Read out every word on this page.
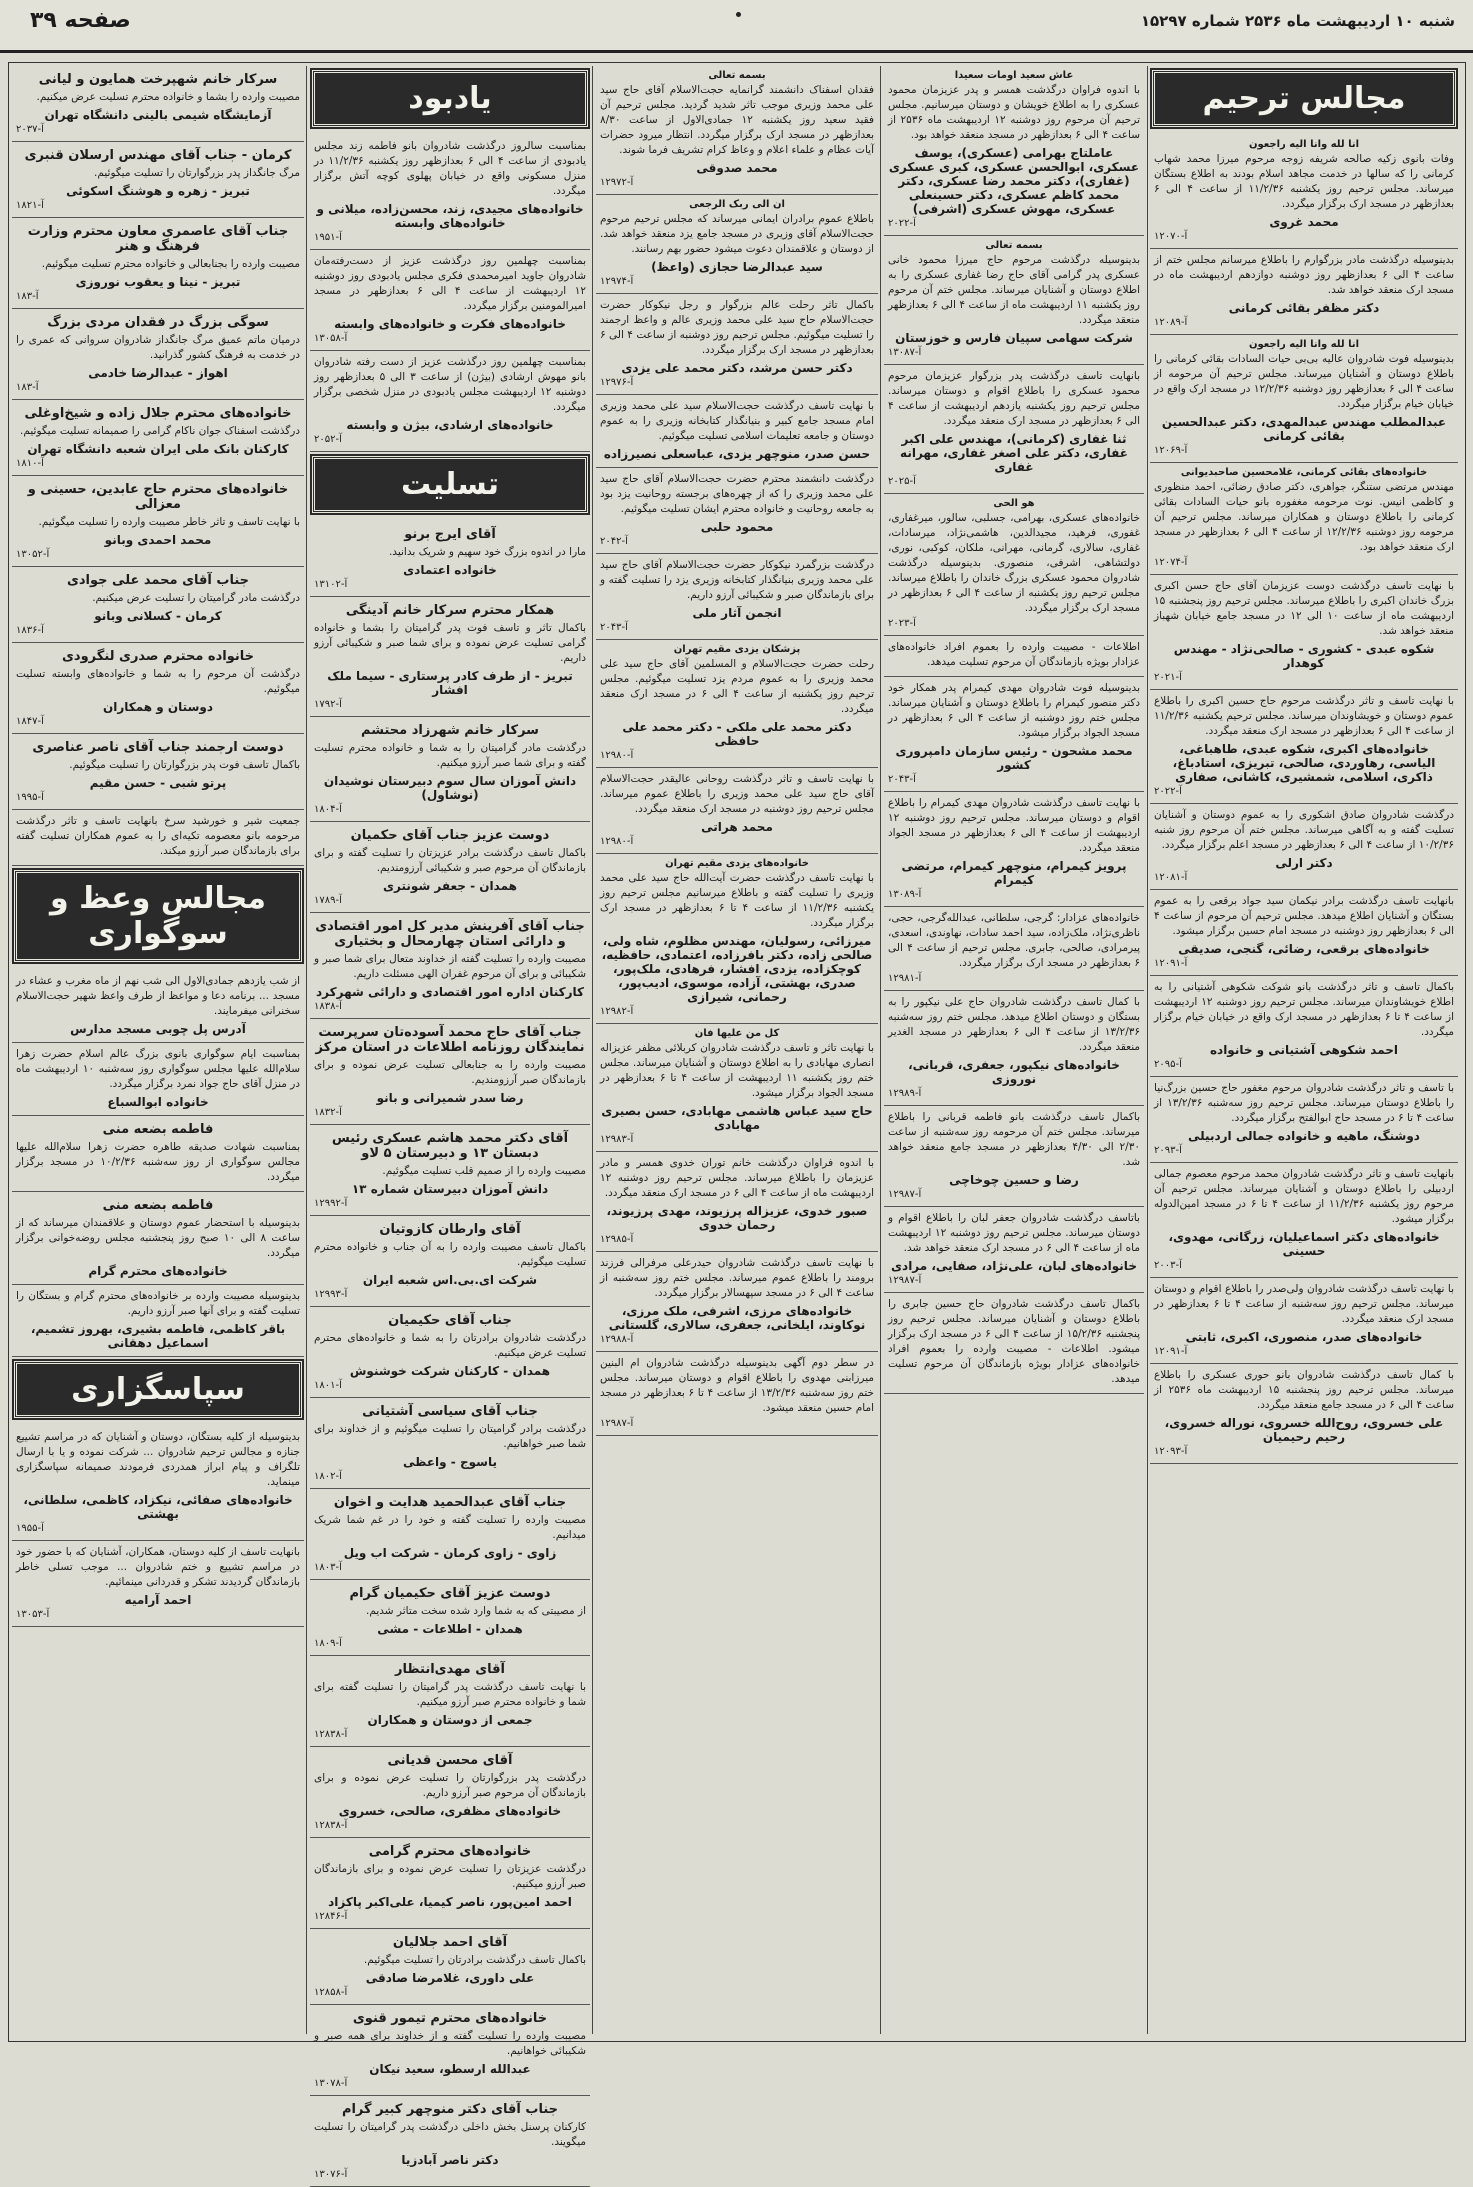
شنبه ۱۰ اردیبهشت ماه ۲۵۳۶ شماره ۱۵۲۹۷
صفحه ۳۹
مجالس ترحیم
انا لله وانا الیه راجعون
وفات بانوی زکیه صالحه شریفه زوجه مرحوم میرزا محمد شهاب کرمانی را که سالها در خدمت مجاهد اسلام بودند به اطلاع بستگان میرساند. مجلس ترحیم روز یکشنبه ۱۱/۲/۳۶ از ساعت ۴ الی ۶ بعدازظهر در مسجد ارک برگزار میگردد.
محمد غروی
آ-۱۲۰۷۰
بدینوسیله درگذشت مادر بزرگوارم را باطلاع میرسانم مجلس ختم از ساعت ۴ الی ۶ بعدازظهر روز دوشنبه دوازدهم اردیبهشت ماه در مسجد ارک منعقد خواهد شد.
دکتر مظفر بقائی کرمانی
آ-۱۲۰۸۹
انا لله وانا الیه راجعون
بدینوسیله فوت شادروان عالیه بی‌بی حیات السادات بقائی کرمانی را باطلاع دوستان و آشنایان میرساند. مجلس ترحیم آن مرحومه از ساعت ۴ الی ۶ بعدازظهر روز دوشنبه ۱۲/۲/۳۶ در مسجد ارک واقع در خیابان خیام برگزار میگردد.
عبدالمطلب مهندس عبدالمهدی، دکتر عبدالحسین بقائی کرمانی
آ-۱۲۰۶۹
خانواده‌های بقائی کرمانی، غلامحسین صاحبدیوانی
مهندس مرتضی ستنگر، جواهری، دکتر صادق رضائی، احمد منظوری و کاظمی انیس. نوت مرحومه مغفوره بانو حیات السادات بقائی کرمانی را باطلاع دوستان و همکاران میرساند. مجلس ترحیم آن مرحومه روز دوشنبه ۱۲/۲/۳۶ از ساعت ۴ الی ۶ بعدازظهر در مسجد ارک منعقد خواهد بود.
آ-۱۲۰۷۴
با نهایت تاسف درگذشت دوست عزیزمان آقای حاج حسن اکبری بزرگ خاندان اکبری را باطلاع میرساند. مجلس ترحیم روز پنجشنبه ۱۵ اردیبهشت ماه از ساعت ۱۰ الی ۱۲ در مسجد جامع خیابان شهباز منعقد خواهد شد.
شکوه عبدی - کشوری - صالحی‌نژاد - مهندس کوهدار
آ-۲۰۲۱
با نهایت تاسف و تاثر درگذشت مرحوم حاج حسین اکبری را باطلاع عموم دوستان و خویشاوندان میرساند. مجلس ترحیم یکشنبه ۱۱/۲/۳۶ از ساعت ۴ الی ۶ بعدازظهر در مسجد ارک منعقد میگردد.
خانواده‌های اکبری، شکوه عبدی، طاهباغی، الیاسی، رهاوردی، صالحی، تبریزی، استادباغ، ذاکری، اسلامی، شمشیری، کاشانی، صفاری
آ-۲۰۲۲
درگذشت شادروان صادق اشکوری را به عموم دوستان و آشنایان تسلیت گفته و به آگاهی میرساند. مجلس ختم آن مرحوم روز شنبه ۱۰/۲/۳۶ از ساعت ۴ الی ۶ بعدازظهر در مسجد اعلم برگزار میگردد.
دکتر ارلی
آ-۱۲۰۸۱
بانهایت تاسف درگذشت برادر نیکمان سید جواد برقعی را به عموم بستگان و آشنایان اطلاع میدهد. مجلس ترحیم آن مرحوم از ساعت ۴ الی ۶ بعدازظهر روز دوشنبه در مسجد امام حسین برگزار میشود.
خانواده‌های برقعی، رضائی، گنجی، صدیقی
آ-۱۲۰۹۱
باکمال تاسف و تاثر درگذشت بانو شوکت شکوهی آشتیانی را به اطلاع خویشاوندان میرساند. مجلس ترحیم روز دوشنبه ۱۲ اردیبهشت از ساعت ۴ تا ۶ بعدازظهر در مسجد ارک واقع در خیابان خیام برگزار میگردد.
احمد شکوهی آشتیانی و خانواده
آ-۲۰۹۵
با تاسف و تاثر درگذشت شادروان مرحوم مغفور حاج حسین بزرگ‌نیا را باطلاع دوستان میرساند. مجلس ترحیم روز سه‌شنبه ۱۳/۲/۳۶ از ساعت ۴ تا ۶ در مسجد حاج ابوالفتح برگزار میگردد.
دوشنگ، ماهیه و خانواده جمالی اردبیلی
آ-۲۰۹۳
بانهایت تاسف و تاثر درگذشت شادروان محمد مرحوم معصوم جمالی اردبیلی را باطلاع دوستان و آشنایان میرساند. مجلس ترحیم آن مرحوم روز یکشنبه ۱۱/۲/۳۶ از ساعت ۴ تا ۶ در مسجد امین‌الدوله برگزار میشود.
خانواده‌های دکتر اسماعیلیان، زرگانی، مهدوی، حسینی
آ-۲۰۰۳
با نهایت تاسف درگذشت شادروان ولی‌صدر را باطلاع اقوام و دوستان میرساند. مجلس ترحیم روز سه‌شنبه از ساعت ۴ تا ۶ بعدازظهر در مسجد ارک منعقد میگردد.
خانواده‌های صدر، منصوری، اکبری، ثابتی
آ-۱۲۰۹۱
با کمال تاسف درگذشت شادروان بانو حوری عسکری را باطلاع میرساند. مجلس ترحیم روز پنجشنبه ۱۵ اردیبهشت ماه ۲۵۳۶ از ساعت ۴ الی ۶ در مسجد جامع منعقد میگردد.
علی خسروی، روح‌الله خسروی، نوراله خسروی، رحیم رحیمیان
آ-۱۲۰۹۳
عاش سعید اومات سعیدا
با اندوه فراوان درگذشت همسر و پدر عزیزمان محمود عسکری را به اطلاع خویشان و دوستان میرسانیم. مجلس ترحیم آن مرحوم روز دوشنبه ۱۲ اردیبهشت ماه ۲۵۳۶ از ساعت ۴ الی ۶ بعدازظهر در مسجد منعقد خواهد بود.
عاملتاج بهرامی (عسکری)، یوسف عسکری، ابوالحسن عسکری، کبری عسکری (غفاری)، دکتر محمد رضا عسکری، دکتر محمد کاظم عسکری، دکتر حسینعلی عسکری، مهوش عسکری (اشرفی)
آ-۲۰۲۲
بسمه تعالی
بدینوسیله درگذشت مرحوم حاج میرزا محمود خانی عسکری پدر گرامی آقای حاج رضا غفاری عسکری را به اطلاع دوستان و آشنایان میرساند. مجلس ختم آن مرحوم روز یکشنبه ۱۱ اردیبهشت ماه از ساعت ۴ الی ۶ بعدازظهر منعقد میگردد.
شرکت سهامی سپیان فارس و خوزستان
آ-۱۳۰۸۷
بانهایت تاسف درگذشت پدر بزرگوار عزیزمان مرحوم محمود عسکری را باطلاع اقوام و دوستان میرساند. مجلس ترحیم روز یکشنبه یازدهم اردیبهشت از ساعت ۴ الی ۶ بعدازظهر در مسجد ارک منعقد میگردد.
ثنا غفاری (کرمانی)، مهندس علی اکبر غفاری، دکتر علی اصغر غفاری، مهرانه غفاری
آ-۲۰۲۵
هو الحی
خانواده‌های عسکری، بهرامی، جسلبی، سالور، میرغفاری، غفوری، فرهید، مجیدالدین، هاشمی‌نژاد، میرسادات، غفاری، سالاری، گرمانی، مهرانی، ملکان، کوکبی، نوری، دولتشاهی، اشرفی، منصوری. بدینوسیله درگذشت شادروان محمود عسکری بزرگ خاندان را باطلاع میرساند. مجلس ترحیم روز یکشنبه از ساعت ۴ الی ۶ بعدازظهر در مسجد ارک برگزار میگردد.
آ-۲۰۲۳
اطلاعات - مصیبت وارده را بعموم افراد خانواده‌های عزادار بویژه بازماندگان آن مرحوم تسلیت میدهد.
بدینوسیله فوت شادروان مهدی کیمرام پدر همکار خود دکتر منصور کیمرام را باطلاع دوستان و آشنایان میرساند. مجلس ختم روز دوشنبه از ساعت ۴ الی ۶ بعدازظهر در مسجد الجواد برگزار میشود.
محمد مشحون - رئیس سازمان دامپروری کشور
آ-۲۰۴۳
با نهایت تاسف درگذشت شادروان مهدی کیمرام را باطلاع اقوام و دوستان میرساند. مجلس ترحیم روز دوشنبه ۱۲ اردیبهشت از ساعت ۴ الی ۶ بعدازظهر در مسجد الجواد منعقد میگردد.
پرویز کیمرام، منوچهر کیمرام، مرتضی کیمرام
آ-۱۳۰۸۹
خانواده‌های عزادار: گرجی، سلطانی، عبدالله‌گرجی، حجی، ناظری‌نژاد، ملک‌زاده، سید احمد سادات، نهاوندی، اسعدی، پیرمرادی، صالحی، جابری. مجلس ترحیم از ساعت ۴ الی ۶ بعدازظهر در مسجد ارک برگزار میگردد.
آ-۱۲۹۸۱
با کمال تاسف درگذشت شادروان حاج علی نیکپور را به بستگان و دوستان اطلاع میدهد. مجلس ختم روز سه‌شنبه ۱۳/۲/۳۶ از ساعت ۴ الی ۶ بعدازظهر در مسجد الغدیر منعقد میگردد.
خانواده‌های نیکپور، جعفری، قربانی، نوروزی
آ-۱۲۹۸۹
باکمال تاسف درگذشت بانو فاطمه قربانی را باطلاع میرساند. مجلس ختم آن مرحومه روز سه‌شنبه از ساعت ۲/۳۰ الی ۴/۳۰ بعدازظهر در مسجد جامع منعقد خواهد شد.
رضا و حسین چوخاچی
آ-۱۲۹۸۷
باتاسف درگذشت شادروان جعفر لبان را باطلاع اقوام و دوستان میرساند. مجلس ترحیم روز دوشنبه ۱۲ اردیبهشت ماه از ساعت ۴ الی ۶ در مسجد ارک منعقد خواهد شد.
خانواده‌های لبان، علی‌نژاد، صفایی، مرادی
آ-۱۲۹۸۷
باکمال تاسف درگذشت شادروان حاج حسین جابری را باطلاع دوستان و آشنایان میرساند. مجلس ترحیم روز پنجشنبه ۱۵/۲/۳۶ از ساعت ۴ الی ۶ در مسجد ارک برگزار میشود. اطلاعات - مصیبت وارده را بعموم افراد خانواده‌های عزادار بویژه بازماندگان آن مرحوم تسلیت میدهد.
بسمه تعالی
فقدان اسفناک دانشمند گرانمایه حجت‌الاسلام آقای حاج سید علی محمد وزیری موجب تاثر شدید گردید. مجلس ترحیم آن فقید سعید روز یکشنبه ۱۲ جمادی‌الاول از ساعت ۸/۳۰ بعدازظهر در مسجد ارک برگزار میگردد. انتظار میرود حضرات آیات عظام و علماء اعلام و وعاظ کرام تشریف فرما شوند.
محمد صدوقی
آ-۱۲۹۷۲
ان الی ربک الرجعی
باطلاع عموم برادران ایمانی میرساند که مجلس ترحیم مرحوم حجت‌الاسلام آقای وزیری در مسجد جامع یزد منعقد خواهد شد. از دوستان و علاقمندان دعوت میشود حضور بهم رسانند.
سید عبدالرضا حجازی (واعظ)
آ-۱۲۹۷۴
باکمال تاثر رحلت عالم بزرگوار و رجل نیکوکار حضرت حجت‌الاسلام حاج سید علی محمد وزیری عالم و واعظ ارجمند را تسلیت میگوئیم. مجلس ترحیم روز دوشنبه از ساعت ۴ الی ۶ بعدازظهر در مسجد ارک برگزار میگردد.
دکتر حسن مرشد، دکتر محمد علی یزدی
آ-۱۲۹۷۶
با نهایت تاسف درگذشت حجت‌الاسلام سید علی محمد وزیری امام مسجد جامع کبیر و بنیانگذار کتابخانه وزیری را به عموم دوستان و جامعه تعلیمات اسلامی تسلیت میگوئیم.
حسن صدر، منوچهر یزدی، عباسعلی نصیرزاده
درگذشت دانشمند محترم حضرت حجت‌الاسلام آقای حاج سید علی محمد وزیری را که از چهره‌های برجسته روحانیت یزد بود به جامعه روحانیت و خانواده محترم ایشان تسلیت میگوئیم.
محمود حلبی
آ-۲۰۴۲
درگذشت بزرگمرد نیکوکار حضرت حجت‌الاسلام آقای حاج سید علی محمد وزیری بنیانگذار کتابخانه وزیری یزد را تسلیت گفته و برای بازماندگان صبر و شکیبائی آرزو داریم.
انجمن آثار ملی
آ-۲۰۴۳
پزشکان یزدی مقیم تهران
رحلت حضرت حجت‌الاسلام و المسلمین آقای حاج سید علی محمد وزیری را به عموم مردم یزد تسلیت میگوئیم. مجلس ترحیم روز یکشنبه از ساعت ۴ الی ۶ در مسجد ارک منعقد میگردد.
دکتر محمد علی ملکی - دکتر محمد علی حافظی
آ-۱۲۹۸۰
با نهایت تاسف و تاثر درگذشت روحانی عالیقدر حجت‌الاسلام آقای حاج سید علی محمد وزیری را باطلاع عموم میرساند. مجلس ترحیم روز دوشنبه در مسجد ارک منعقد میگردد.
محمد هراتی
آ-۱۲۹۸۰
خانواده‌های یزدی مقیم تهران
با نهایت تاسف درگذشت حضرت آیت‌الله حاج سید علی محمد وزیری را تسلیت گفته و باطلاع میرسانیم مجلس ترحیم روز یکشنبه ۱۱/۲/۳۶ از ساعت ۴ تا ۶ بعدازظهر در مسجد ارک برگزار میگردد.
میرزائی، رسولیان، مهندس مظلوم، شاه ولی، صالحی زاده، دکتر بافرزاده، اعتمادی، حافظیه، کوچکزاده، یزدی، افشار، فرهادی، ملک‌پور، صدری، بهشتی، آزاده، موسوی، ادیب‌پور، رحمانی، شیرازی
آ-۱۲۹۸۲
کل من علیها فان
با نهایت تاثر و تاسف درگذشت شادروان کربلائی مظفر عزیزاله انصاری مهابادی را به اطلاع دوستان و آشنایان میرساند. مجلس ختم روز یکشنبه ۱۱ اردیبهشت از ساعت ۴ تا ۶ بعدازظهر در مسجد الجواد برگزار میشود.
حاج سید عباس هاشمی مهابادی، حسن بصیری مهابادی
آ-۱۲۹۸۳
با اندوه فراوان درگذشت خانم توران خدوی همسر و مادر عزیزمان را باطلاع میرساند. مجلس ترحیم روز دوشنبه ۱۲ اردیبهشت ماه از ساعت ۴ الی ۶ در مسجد ارک منعقد میگردد.
صبور خدوی، عزیزاله پرزیوند، مهدی پرزیوند، رحمان خدوی
آ-۱۲۹۸۵
با نهایت تاسف درگذشت شادروان حیدرعلی مرفرالی فرزند برومند را باطلاع عموم میرساند. مجلس ختم روز سه‌شنبه از ساعت ۴ الی ۶ در مسجد سپهسالار برگزار میگردد.
خانواده‌های مرزی، اشرفی، ملک مرزی، نوکاوند، ایلخانی، جعفری، سالاری، گلستانی
آ-۱۲۹۸۸
در سطر دوم آگهی بدینوسیله درگذشت شادروان ام البنین میرزابنی مهدوی را باطلاع اقوام و دوستان میرساند. مجلس ختم روز سه‌شنبه ۱۳/۲/۳۶ از ساعت ۴ تا ۶ بعدازظهر در مسجد امام حسین منعقد میشود.
آ-۱۲۹۸۷
یادبود
بمناسبت سالروز درگذشت شادروان بانو فاطمه زند مجلس یادبودی از ساعت ۴ الی ۶ بعدازظهر روز یکشنبه ۱۱/۲/۳۶ در منزل مسکونی واقع در خیابان پهلوی کوچه آتش برگزار میگردد.
خانواده‌های مجیدی، زند، محسن‌زاده، میلانی و خانواده‌های وابسته
آ-۱۹۵۱
بمناسبت چهلمین روز درگذشت عزیز از دست‌رفته‌مان شادروان جاوید امیرمحمدی فکری مجلس یادبودی روز دوشنبه ۱۲ اردیبهشت از ساعت ۴ الی ۶ بعدازظهر در مسجد امیرالمومنین برگزار میگردد.
خانواده‌های فکرت و خانواده‌های وابسته
آ-۱۳۰۵۸
بمناسبت چهلمین روز درگذشت عزیز از دست رفته شادروان بانو مهوش ارشادی (بیژن) از ساعت ۳ الی ۵ بعدازظهر روز دوشنبه ۱۲ اردیبهشت مجلس یادبودی در منزل شخصی برگزار میگردد.
خانواده‌های ارشادی، بیژن و وابسته
آ-۲۰۵۲
تسلیت
آقای ایرج برنو
مارا در اندوه بزرگ خود سهیم و شریک بدانید.
خانواده اعتمادی
آ-۱۳۱۰۲
همکار محترم سرکار خانم آدینگی
باکمال تاثر و تاسف فوت پدر گرامیتان را بشما و خانواده گرامی تسلیت عرض نموده و برای شما صبر و شکیبائی آرزو داریم.
تبریز - از طرف کادر پرستاری - سیما ملک افشار
آ-۱۷۹۲
سرکار خانم شهرزاد محتشم
درگذشت مادر گرامیتان را به شما و خانواده محترم تسلیت گفته و برای شما صبر آرزو میکنیم.
دانش آموزان سال سوم دبیرستان نوشیدان (نوشاول)
آ-۱۸۰۴
دوست عزیز جناب آقای حکمیان
باکمال تاسف درگذشت برادر عزیزتان را تسلیت گفته و برای بازماندگان آن مرحوم صبر و شکیبائی آرزومندیم.
همدان - جعفر شونتری
آ-۱۷۸۹
جناب آقای آفرینش مدیر کل امور اقتصادی و دارائی استان چهارمحال و بختیاری
مصیبت وارده را تسلیت گفته از خداوند متعال برای شما صبر و شکیبائی و برای آن مرحوم غفران الهی مسئلت داریم.
کارکنان اداره امور اقتصادی و دارائی شهرکرد
آ-۱۸۳۸
جناب آقای حاج محمد آسوده‌تان سرپرست نمایندگان روزنامه اطلاعات در استان مرکز
مصیبت وارده را به جنابعالی تسلیت عرض نموده و برای بازماندگان صبر آرزومندیم.
رضا سدر شمیرانی و بانو
آ-۱۸۳۲
آقای دکتر محمد هاشم عسکری رئیس دبستان ۱۳ و دبیرستان ۵ لاو
مصیبت وارده را از صمیم قلب تسلیت میگوئیم.
دانش آموزان دبیرستان شماره ۱۳
آ-۱۲۹۹۲
آقای وارطان کازوتیان
باکمال تاسف مصیبت وارده را به آن جناب و خانواده محترم تسلیت میگوئیم.
شرکت ای.بی.اس شعبه ایران
آ-۱۲۹۹۳
جناب آقای حکیمیان
درگذشت شادروان برادرتان را به شما و خانواده‌های محترم تسلیت عرض میکنیم.
همدان - کارکنان شرکت خوشنوش
آ-۱۸۰۱
جناب آقای سیاسی آشتیانی
درگذشت برادر گرامیتان را تسلیت میگوئیم و از خداوند برای شما صبر خواهانیم.
یاسوج - واعظی
آ-۱۸۰۲
جناب آقای عبدالحمید هدایت و اخوان
مصیبت وارده را تسلیت گفته و خود را در غم شما شریک میدانیم.
زاوی - زاوی کرمان - شرکت اب ویل
آ-۱۸۰۳
دوست عزیز آقای حکیمیان گرام
از مصیبتی که به شما وارد شده سخت متاثر شدیم.
همدان - اطلاعات - مشی
آ-۱۸۰۹
آقای مهدی‌انتظار
با نهایت تاسف درگذشت پدر گرامیتان را تسلیت گفته برای شما و خانواده محترم صبر آرزو میکنیم.
جمعی از دوستان و همکاران
آ-۱۲۸۳۸
آقای محسن قدیانی
درگذشت پدر بزرگوارتان را تسلیت عرض نموده و برای بازماندگان آن مرحوم صبر آرزو داریم.
خانواده‌های مظفری، صالحی، خسروی
آ-۱۲۸۳۸
خانواده‌های محترم گرامی
درگذشت عزیزتان را تسلیت عرض نموده و برای بازماندگان صبر آرزو میکنیم.
احمد امین‌پور، ناصر کیمیا، علی‌اکبر پاکزاد
آ-۱۲۸۴۶
آقای احمد جلالیان
باکمال تاسف درگذشت برادرتان را تسلیت میگوئیم.
علی داوری، غلامرضا صادقی
آ-۱۲۸۵۸
خانواده‌های محترم تیمور قنوی
مصیبت وارده را تسلیت گفته و از خداوند برای همه صبر و شکیبائی خواهانیم.
عبدالله ارسطو، سعید نیکان
آ-۱۳۰۷۸
جناب آقای دکتر منوچهر کبیر گرام
کارکنان پرسنل بخش داخلی درگذشت پدر گرامیتان را تسلیت میگویند.
دکتر ناصر آبادزیا
آ-۱۳۰۷۶
سرکار خانم شهپرخت همایون و لیانی
مصیبت وارده را بشما و خانواده محترم تسلیت عرض میکنیم.
آزمایشگاه شیمی بالینی دانشگاه تهران
آ-۲۰۳۷
کرمان - جناب آقای مهندس ارسلان قنبری
مرگ جانگداز پدر بزرگوارتان را تسلیت میگوئیم.
تبریز - زهره و هوشنگ اسکوئی
آ-۱۸۲۱
جناب آقای عاصمری معاون محترم وزارت فرهنگ و هنر
مصیبت وارده را بجنابعالی و خانواده محترم تسلیت میگوئیم.
تبریز - نینا و یعقوب نوروزی
آ-۱۸۳
سوگی بزرگ در فقدان مردی بزرگ
درمیان ماتم عمیق مرگ جانگداز شادروان سروانی که عمری را در خدمت به فرهنگ کشور گذرانید.
اهواز - عبدالرضا خادمی
آ-۱۸۳
خانواده‌های محترم جلال زاده و شیخ‌اوغلی
درگذشت اسفناک جوان ناکام گرامی را صمیمانه تسلیت میگوئیم.
کارکنان بانک ملی ایران شعبه دانشگاه تهران
آ-۱۸۱۰
خانواده‌های محترم حاج عابدین، حسینی و معزالی
با نهایت تاسف و تاثر خاطر مصیبت وارده را تسلیت میگوئیم.
محمد احمدی وبانو
آ-۱۳۰۵۲
جناب آقای محمد علی جوادی
درگذشت مادر گرامیتان را تسلیت عرض میکنیم.
کرمان - کسلانی وبانو
آ-۱۸۳۶
خانواده محترم صدری لنگرودی
درگذشت آن مرحوم را به شما و خانواده‌های وابسته تسلیت میگوئیم.
دوستان و همکاران
آ-۱۸۴۷
دوست ارجمند جناب آقای ناصر عناصری
باکمال تاسف فوت پدر بزرگوارتان را تسلیت میگوئیم.
پرتو شبی - حسن مقیم
آ-۱۹۹۵
جمعیت شیر و خورشید سرخ بانهایت تاسف و تاثر درگذشت مرحومه بانو معصومه تکیه‌ای را به عموم همکاران تسلیت گفته برای بازماندگان صبر آرزو میکند.
مجالس وعظ و سوگواری
از شب یازدهم جمادی‌الاول الی شب نهم از ماه مغرب و عشاء در مسجد ... برنامه دعا و مواعظ از طرف واعظ شهیر حجت‌الاسلام سخنرانی میفرمایند.
آدرس پل چوبی مسجد مدارس
بمناسبت ایام سوگواری بانوی بزرگ عالم اسلام حضرت زهرا سلام‌الله علیها مجلس سوگواری روز سه‌شنبه ۱۰ اردیبهشت ماه در منزل آقای حاج جواد نمرد برگزار میگردد.
خانواده ابوالسباع
فاطمه بضعه منی
بمناسبت شهادت صدیقه طاهره حضرت زهرا سلام‌الله علیها مجالس سوگواری از روز سه‌شنبه ۱۰/۲/۳۶ در مسجد برگزار میگردد.
فاطمه بضعه منی
بدینوسیله با استحضار عموم دوستان و علاقمندان میرساند که از ساعت ۸ الی ۱۰ صبح روز پنجشنبه مجلس روضه‌خوانی برگزار میگردد.
خانواده‌های محترم گرام
بدینوسیله مصیبت وارده بر خانواده‌های محترم گرام و بستگان را تسلیت گفته و برای آنها صبر آرزو داریم.
باقر کاظمی، فاطمه بشیری، بهروز تشمیم، اسماعیل دهقانی
سپاسگزاری
بدینوسیله از کلیه بستگان، دوستان و آشنایان که در مراسم تشییع جنازه و مجالس ترحیم شادروان ... شرکت نموده و یا با ارسال تلگراف و پیام ابراز همدردی فرمودند صمیمانه سپاسگزاری مینماید.
خانواده‌های صفائی، نیکزاد، کاظمی، سلطانی، بهشتی
آ-۱۹۵۵
بانهایت تاسف از کلیه دوستان، همکاران، آشنایان که با حضور خود در مراسم تشییع و ختم شادروان ... موجب تسلی خاطر بازماندگان گردیدند تشکر و قدردانی مینمائیم.
احمد آرامیه
آ-۱۳۰۵۳
